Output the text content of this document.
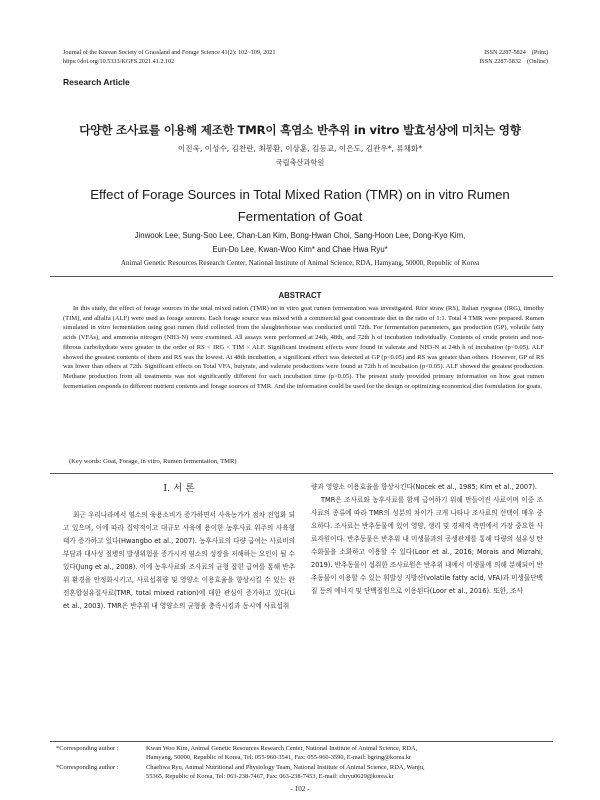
Journal of the Korean Society of Grassland and Forage Science 41(2): 102~109, 2021
https://doi.org/10.5333/KGFS.2021.41.2.102
ISSN 2287-5824 (Print)
ISSN 2287-5832 (Online)
Research Article
다양한 조사료를 이용해 제조한 TMR이 흑염소 반추위 in vitro 발효성상에 미치는 영향
이진욱, 이성수, 김찬란, 최봉환, 이상훈, 김동교, 이은도, 김관우*, 류채화*
국립축산과학원
Effect of Forage Sources in Total Mixed Ration (TMR) on in vitro Rumen
Fermentation of Goat
Jinwook Lee, Sung-Soo Lee, Chan-Lan Kim, Bong-Hwan Choi, Sang-Hoon Lee, Dong-Kyo Kim,
Eun-Do Lee, Kwan-Woo Kim* and Chae Hwa Ryu*
Animal Genetic Resources Research Center, National Institute of Animal Science, RDA, Hamyang, 50000, Republic of Korea
ABSTRACT
In this study, the effect of forage sources in the total mixed ration (TMR) on in vitro goat rumen fermentation was investigated. Rice straw (RS), Italian ryegrass (IRG), timothy (TIM), and alfalfa (ALF) were used as forage sources. Each forage source was mixed with a commercial goat concentrate diet in the ratio of 1:1. Total 4 TMR were prepared. Rumen simulated in vitro fermentation using goat rumen fluid collected from the slaughterhouse was conducted until 72th. For fermentation parameters, gas production (GP), volatile fatty acids (VFAs), and ammonia nitrogen (NH3-N) were examined. All assays were performed at 24th, 48th, and 72th h of incubation individually. Contents of crude protein and non-fibrous carbohydrate were greater in the order of RS < IRG < TIM < ALF. Significant treatment effects were found in valerate and NH3-N at 24th h of incubation (p<0.05). ALF showed the greatest contents of them and RS was the lowest. At 48th incubation, a significant effect was detected at GP (p<0.05) and RS was greater than others. However, GP of RS was lower than others at 72th. Significant effects on Total VFA, butyrate, and valerate productions were found at 72th h of incubation (p<0.05). ALF showed the greatest production. Methane production from all treatments was not significantly different for each incubation time (p>0.05). The present study provided primary information on how goat rumen fermentation responds to different nutrient contents and forage sources of TMR. And the information could be used for the design or optimizing economical diet formulation for goats.
(Key words: Goat, Forage, in vitro, Rumen fermentation, TMR)
I. 서 론
최근 우리나라에서 염소의 육용소비가 증가하면서 사육농가가 점차 전업화 되고 있으며, 이에 따라 집약적이고 대규모 사육에 용이한 농후사료 위주의 사육형태가 증가하고 있다(Hwangbo et al., 2007). 농후사료의 다량 급여는 사료비의 부담과 대사성 질병의 발생위험을 증가시켜 염소의 성장을 저해하는 요인이 될 수 있다(Jung et al., 2008). 이에 농후사료와 조사료의 균형 잡힌 급여를 통해 반추위 환경을 안정화시키고, 사료섭취량 및 영양소 이용효율을 향상시킬 수 있는 완전혼합섬유질사료(TMR, total mixed ration)에 대한 관심이 증가하고 있다(Li et al., 2003). TMR은 반추위 내 영양소의 균형을 충족시킴과 동시에 사료섭취
량과 영양소 이용효율을 향상시킨다(Nocek et al., 1985; Kim et al., 2007).
TMR은 조사료와 농후사료를 함께 급여하기 위해 만들어진 사료이며 이중 조사료의 종류에 따라 TMR의 성분의 차이가 크게 나타나 조사료의 선택이 매우 중요하다. 조사료는 반추동물에 있어 영양, 생리 및 경제적 측면에서 가장 중요한 사료자원이다. 반추동물은 반추위 내 미생물과의 공생관계를 통해 다량의 섬유성 탄수화물을 소화하고 이용할 수 있다(Loor et al., 2016; Morais and Mizrahi, 2019). 반추동물이 섭취한 조사료원은 반추위 내에서 미생물에 의해 분해되어 반추동물이 이용할 수 있는 휘발성 지방산(volatile fatty acid, VFA)과 미생물단백질 등의 에너지 및 단백질원으로 이용된다(Loor et al., 2016). 또한, 조사
*Corresponding author :	Kwan Woo Kim, Animal Genetic Resources Research Center, National Institute of Animal Science, RDA,
Hamyang, 50000, Republic of Korea, Tel: 055-960-3541, Fax: 055-960-3590, E-mail: bgring@korea.kr
*Corresponding author :	Chaehwa Ryu, Animal Nutritional and Physiology Team, National Institute of Animal Science, RDA, Wanju,
55365, Republic of Korea, Tel: 063-238-7467, Fax: 063-238-7453, E-mail: chryu0629@korea.kr
- 102 -
